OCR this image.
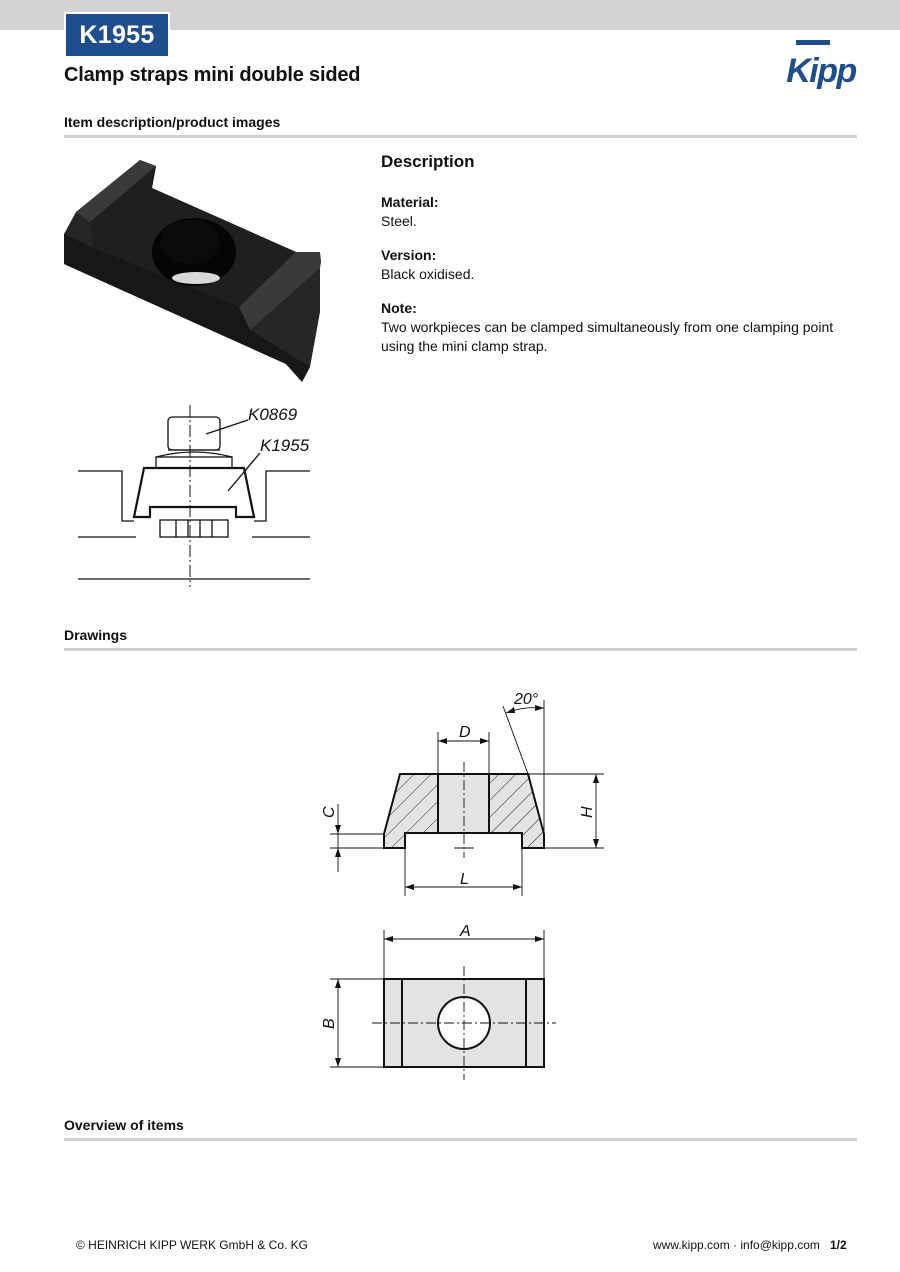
K1955
Kipp
Clamp straps mini double sided
Item description/product images
K0869
K1955
Description
Material:
Steel.
Version:
Black oxidised.
Note:
Two workpieces can be clamped simultaneously from one clamping point using the mini clamp strap.
Drawings
20°
D
L
A
H
C
B
Overview of items
© HEINRICH KIPP WERK GmbH & Co. KG	www.kipp.com · info@kipp.com 1/2
